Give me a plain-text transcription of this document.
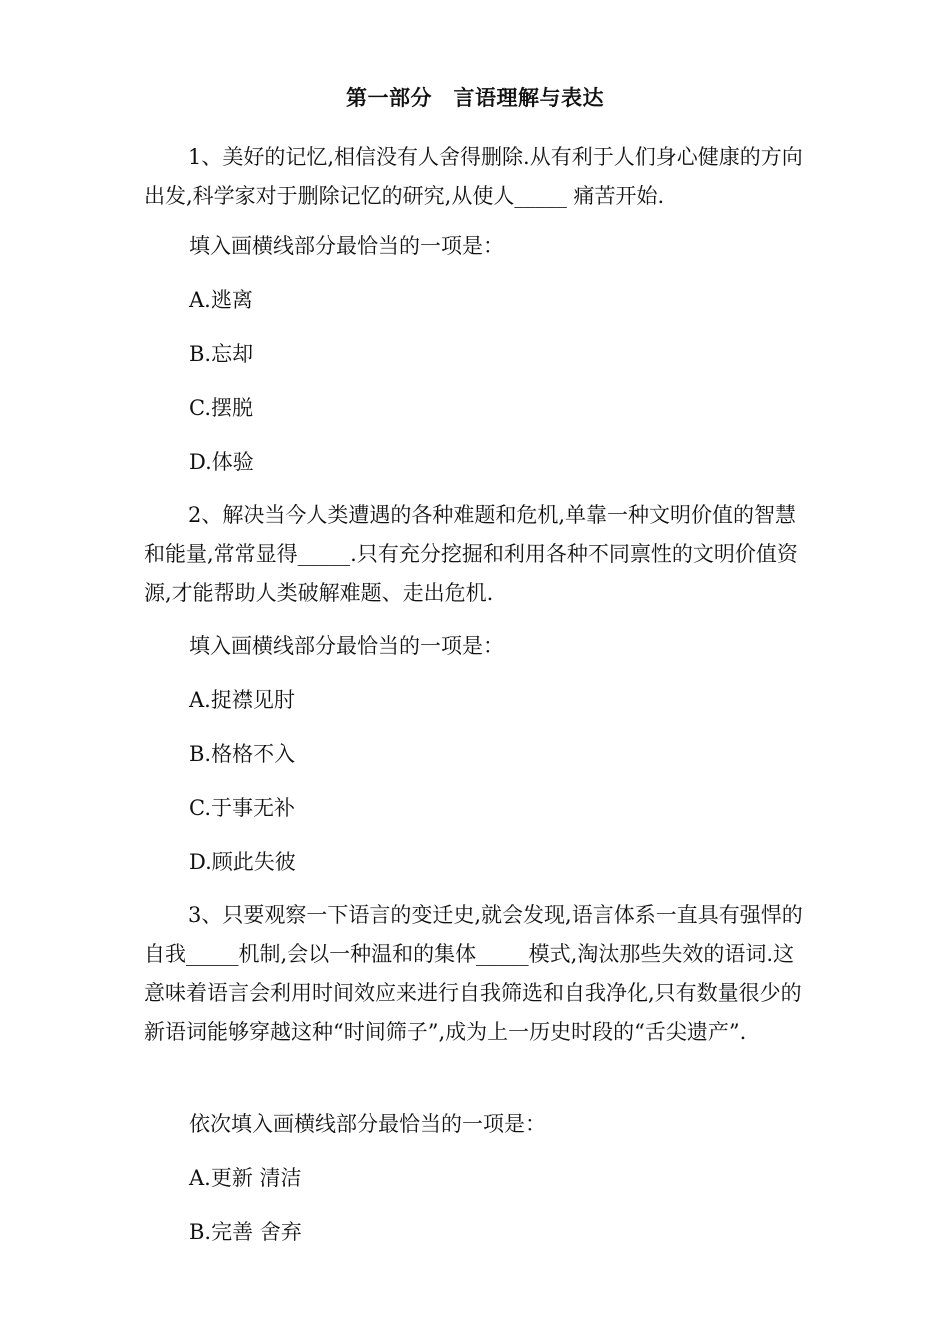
第一部分　言语理解与表达

1、美好的记忆,相信没有人舍得删除.从有利于人们身心健康的方向出发,科学家对于删除记忆的研究,从使人_____ 痛苦开始.

填入画横线部分最恰当的一项是：

A.逃离

B.忘却

C.摆脱

D.体验

2、解决当今人类遭遇的各种难题和危机,单靠一种文明价值的智慧和能量,常常显得_____.只有充分挖掘和利用各种不同禀性的文明价值资源,才能帮助人类破解难题、走出危机.

填入画横线部分最恰当的一项是：

A.捉襟见肘

B.格格不入

C.于事无补

D.顾此失彼

3、只要观察一下语言的变迁史,就会发现,语言体系一直具有强悍的自我_____机制,会以一种温和的集体_____模式,淘汰那些失效的语词.这意味着语言会利用时间效应来进行自我筛选和自我净化,只有数量很少的新语词能够穿越这种“时间筛子”,成为上一历史时段的“舌尖遗产”.

依次填入画横线部分最恰当的一项是：

A.更新 清洁

B.完善 舍弃
